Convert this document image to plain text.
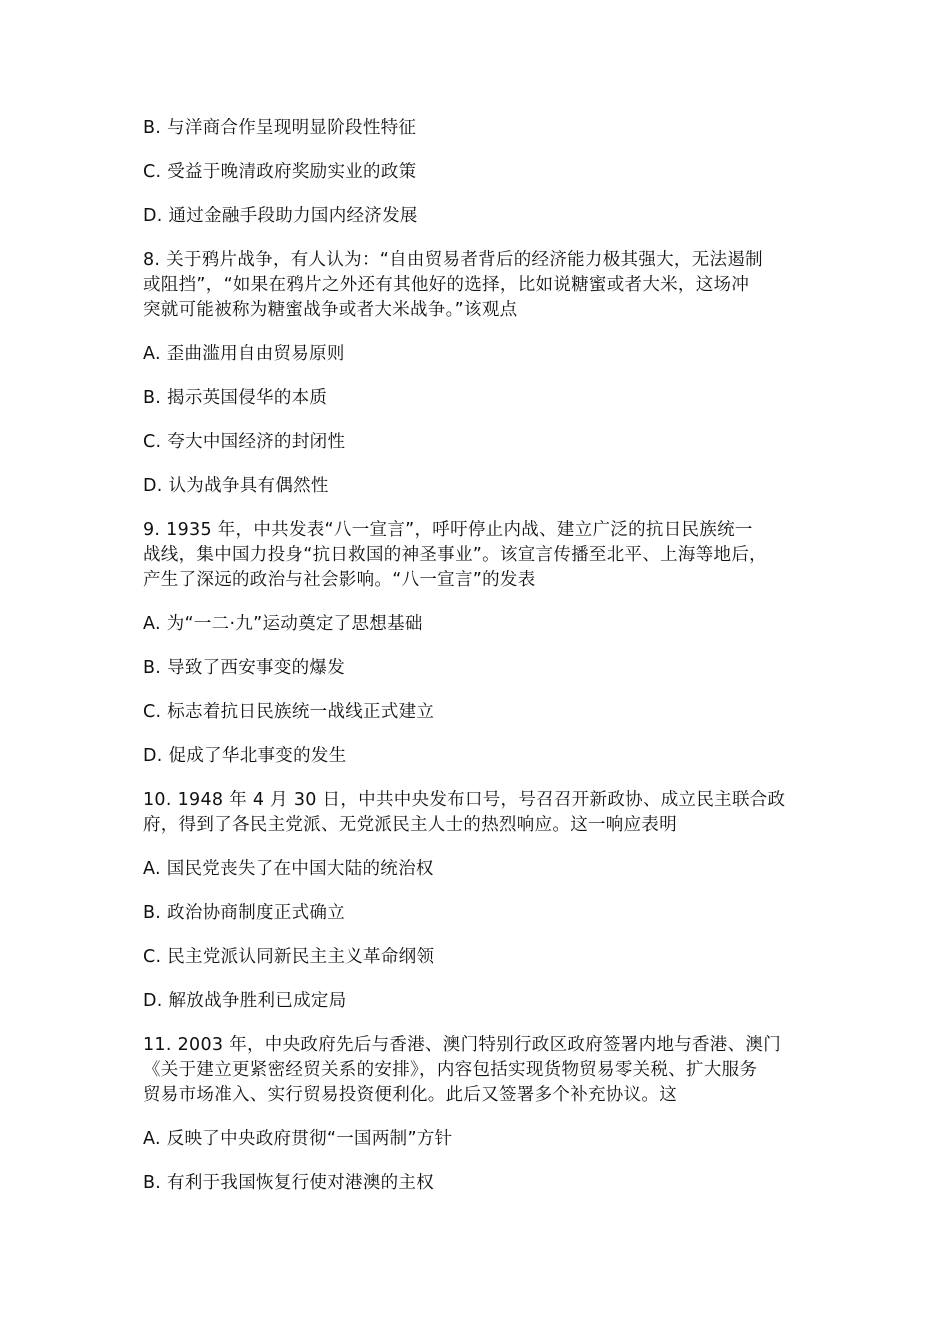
B. 与洋商合作呈现明显阶段性特征
C. 受益于晚清政府奖励实业的政策
D. 通过金融手段助力国内经济发展
8. 关于鸦片战争，有人认为：“自由贸易者背后的经济能力极其强大，无法遏制
或阻挡”，“如果在鸦片之外还有其他好的选择，比如说糖蜜或者大米，这场冲
突就可能被称为糖蜜战争或者大米战争。”该观点
A. 歪曲滥用自由贸易原则
B. 揭示英国侵华的本质
C. 夸大中国经济的封闭性
D. 认为战争具有偶然性
9. 1935 年，中共发表“八一宣言”，呼吁停止内战、建立广泛的抗日民族统一
战线，集中国力投身“抗日救国的神圣事业”。该宣言传播至北平、上海等地后，
产生了深远的政治与社会影响。“八一宣言”的发表
A. 为“一二·九”运动奠定了思想基础
B. 导致了西安事变的爆发
C. 标志着抗日民族统一战线正式建立
D. 促成了华北事变的发生
10. 1948 年 4 月 30 日，中共中央发布口号，号召召开新政协、成立民主联合政
府，得到了各民主党派、无党派民主人士的热烈响应。这一响应表明
A. 国民党丧失了在中国大陆的统治权
B. 政治协商制度正式确立
C. 民主党派认同新民主主义革命纲领
D. 解放战争胜利已成定局
11. 2003 年，中央政府先后与香港、澳门特别行政区政府签署内地与香港、澳门
《关于建立更紧密经贸关系的安排》，内容包括实现货物贸易零关税、扩大服务
贸易市场准入、实行贸易投资便利化。此后又签署多个补充协议。这
A. 反映了中央政府贯彻“一国两制”方针
B. 有利于我国恢复行使对港澳的主权
